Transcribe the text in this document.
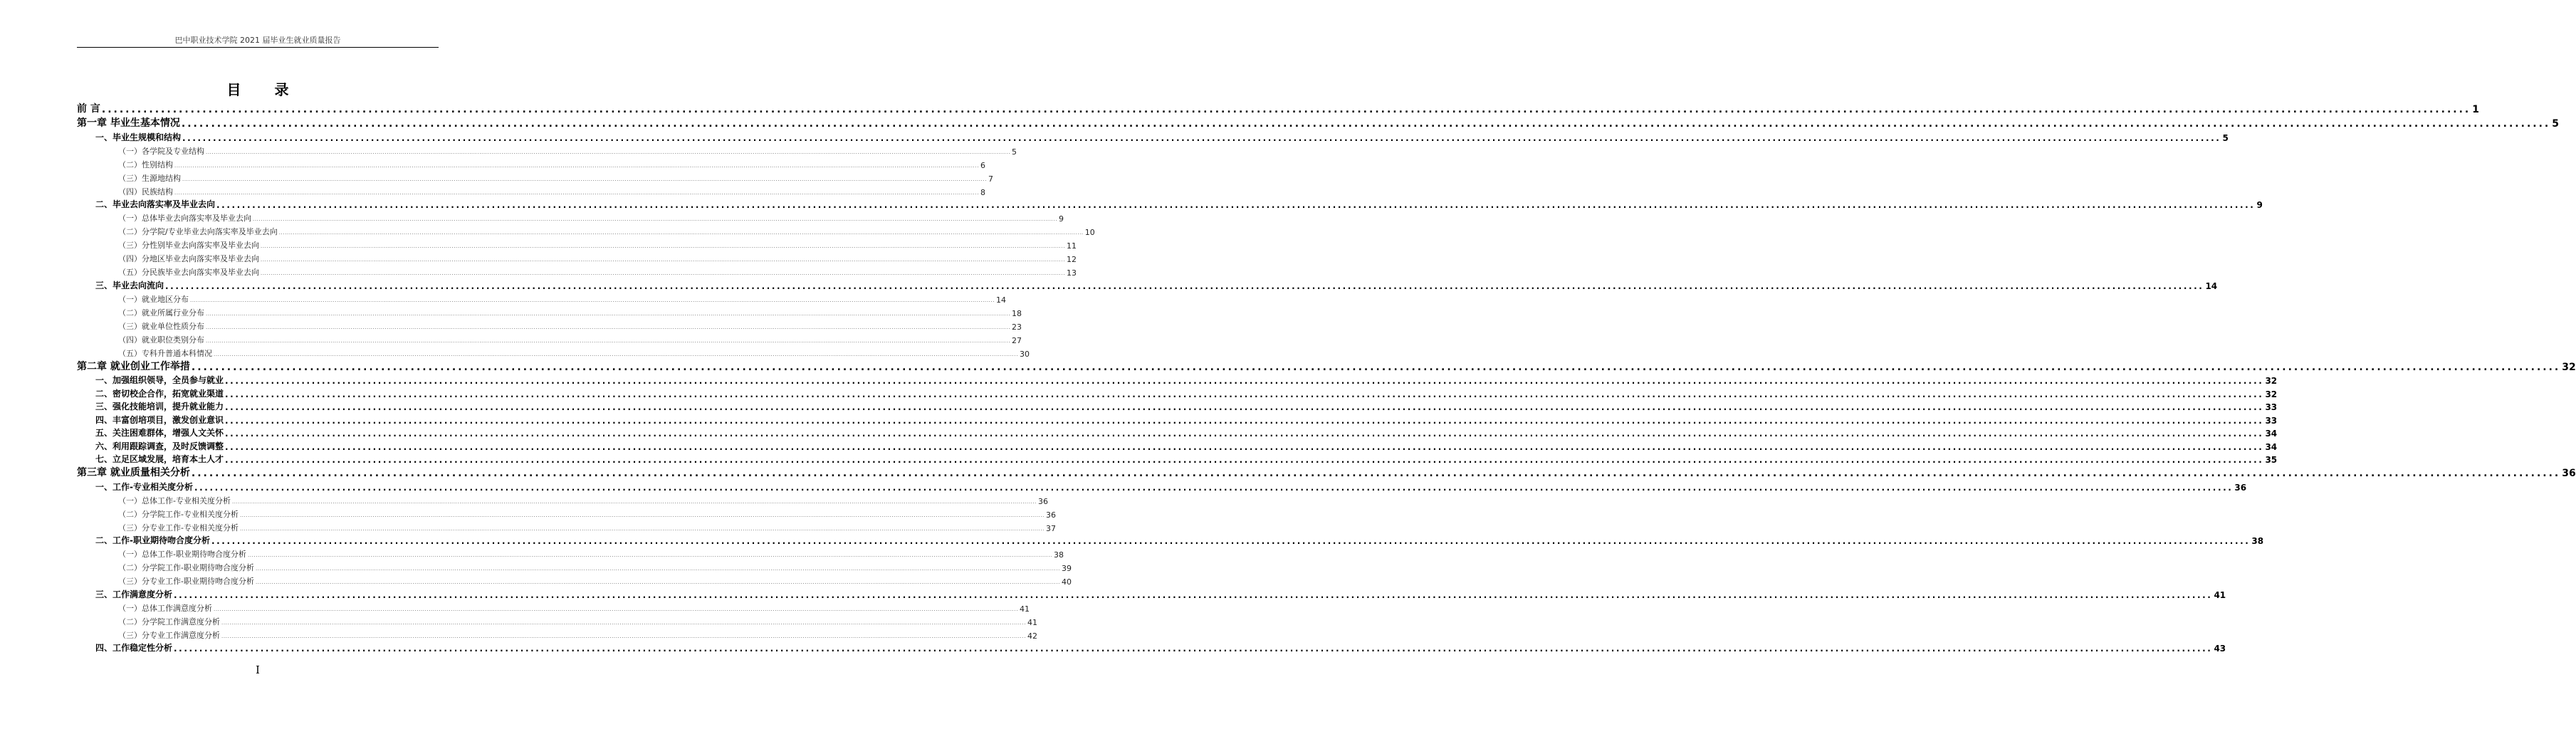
巴中职业技术学院 2021 届毕业生就业质量报告
目 录
前 言 ................................................................................................................................................................................................................................................................................................................................................................................................................ 1
第一章 毕业生基本情况 ................................................................................................................................................................................................................................................................................................................................................................................................................ 5
一、毕业生规模和结构 ................................................................................................................................................................................................................................................................................................................................................................................................................ 5
（一）各学院及专业结构 ................................................................................................................................................................................................................................................................................................................................................................................................................ 5
（二）性别结构 ................................................................................................................................................................................................................................................................................................................................................................................................................ 6
（三）生源地结构 ................................................................................................................................................................................................................................................................................................................................................................................................................ 7
（四）民族结构 ................................................................................................................................................................................................................................................................................................................................................................................................................ 8
二、毕业去向落实率及毕业去向 ................................................................................................................................................................................................................................................................................................................................................................................................................ 9
（一）总体毕业去向落实率及毕业去向 ................................................................................................................................................................................................................................................................................................................................................................................................................ 9
（二）分学院/专业毕业去向落实率及毕业去向 ................................................................................................................................................................................................................................................................................................................................................................................................................ 10
（三）分性别毕业去向落实率及毕业去向 ................................................................................................................................................................................................................................................................................................................................................................................................................ 11
（四）分地区毕业去向落实率及毕业去向 ................................................................................................................................................................................................................................................................................................................................................................................................................ 12
（五）分民族毕业去向落实率及毕业去向 ................................................................................................................................................................................................................................................................................................................................................................................................................ 13
三、毕业去向流向 ................................................................................................................................................................................................................................................................................................................................................................................................................ 14
（一）就业地区分布 ................................................................................................................................................................................................................................................................................................................................................................................................................ 14
（二）就业所属行业分布 ................................................................................................................................................................................................................................................................................................................................................................................................................ 18
（三）就业单位性质分布 ................................................................................................................................................................................................................................................................................................................................................................................................................ 23
（四）就业职位类别分布 ................................................................................................................................................................................................................................................................................................................................................................................................................ 27
（五）专科升普通本科情况 ................................................................................................................................................................................................................................................................................................................................................................................................................ 30
第二章 就业创业工作举措 ................................................................................................................................................................................................................................................................................................................................................................................................................ 32
一、加强组织领导，全员参与就业 ................................................................................................................................................................................................................................................................................................................................................................................................................ 32
二、密切校企合作，拓宽就业渠道 ................................................................................................................................................................................................................................................................................................................................................................................................................ 32
三、强化技能培训，提升就业能力 ................................................................................................................................................................................................................................................................................................................................................................................................................ 33
四、丰富创培项目，激发创业意识 ................................................................................................................................................................................................................................................................................................................................................................................................................ 33
五、关注困难群体，增强人文关怀 ................................................................................................................................................................................................................................................................................................................................................................................................................ 34
六、利用跟踪调查，及时反馈调整 ................................................................................................................................................................................................................................................................................................................................................................................................................ 34
七、立足区域发展，培育本土人才 ................................................................................................................................................................................................................................................................................................................................................................................................................ 35
第三章 就业质量相关分析 ................................................................................................................................................................................................................................................................................................................................................................................................................ 36
一、工作-专业相关度分析 ................................................................................................................................................................................................................................................................................................................................................................................................................ 36
（一）总体工作-专业相关度分析 ................................................................................................................................................................................................................................................................................................................................................................................................................ 36
（二）分学院工作-专业相关度分析 ................................................................................................................................................................................................................................................................................................................................................................................................................ 36
（三）分专业工作-专业相关度分析 ................................................................................................................................................................................................................................................................................................................................................................................................................ 37
二、工作-职业期待吻合度分析 ................................................................................................................................................................................................................................................................................................................................................................................................................ 38
（一）总体工作-职业期待吻合度分析 ................................................................................................................................................................................................................................................................................................................................................................................................................ 38
（二）分学院工作-职业期待吻合度分析 ................................................................................................................................................................................................................................................................................................................................................................................................................ 39
（三）分专业工作-职业期待吻合度分析 ................................................................................................................................................................................................................................................................................................................................................................................................................ 40
三、工作满意度分析 ................................................................................................................................................................................................................................................................................................................................................................................................................ 41
（一）总体工作满意度分析 ................................................................................................................................................................................................................................................................................................................................................................................................................ 41
（二）分学院工作满意度分析 ................................................................................................................................................................................................................................................................................................................................................................................................................ 41
（三）分专业工作满意度分析 ................................................................................................................................................................................................................................................................................................................................................................................................................ 42
四、工作稳定性分析 ................................................................................................................................................................................................................................................................................................................................................................................................................ 43
I
